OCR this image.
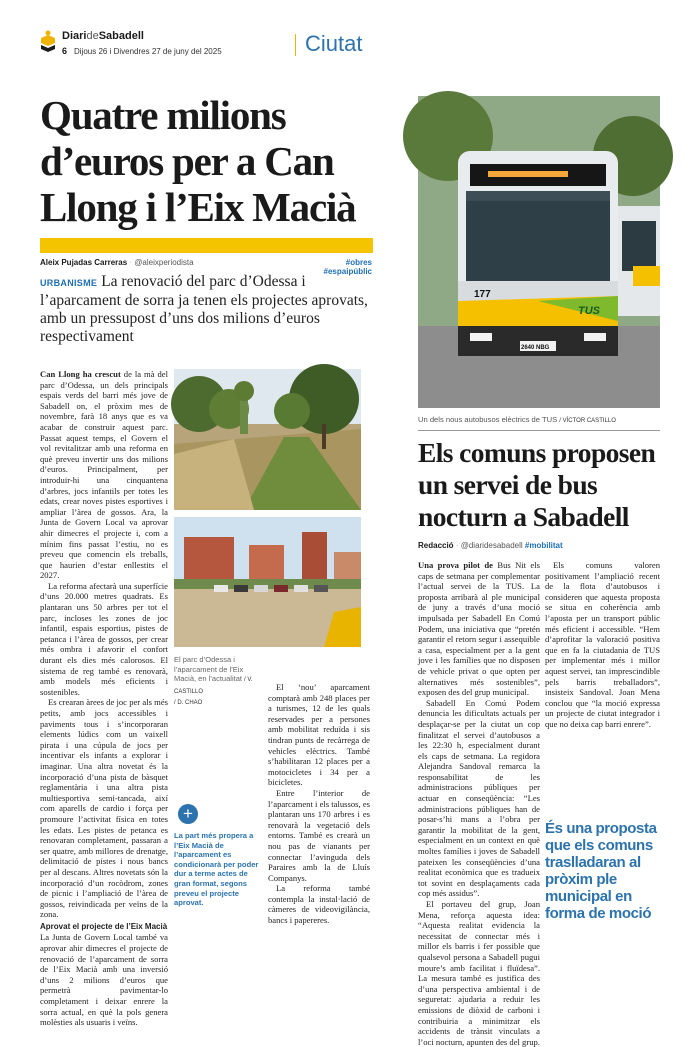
DiarideSabadell
6 Dijous 26 i Divendres 27 de juny del 2025	Ciutat
Quatre milions d’euros per a Can Llong i l’Eix Macià
Aleix Pujadas Carreras · @aleixperiodista	#obres #espaipúblic
URBANISME La renovació del parc d’Odessa i l’aparcament de sorra ja tenen els projectes aprovats, amb un pressupost d’uns dos milions d’euros respectivament

Can Llong ha crescut de la mà del parc d’Odessa, un dels principals espais verds del barri més jove de Sabadell on, el pròxim mes de novembre, farà 18 anys que es va acabar de construir aquest parc. Passat aquest temps, el Govern el vol revitalitzar amb una reforma en què preveu invertir uns dos milions d’euros. Principalment, per introduir-hi una cinquantena d’arbres, jocs infantils per totes les edats, crear noves pistes esportives i ampliar l’àrea de gossos. Ara, la Junta de Govern Local va aprovar ahir dimecres el projecte i, com a mínim fins passat l’estiu, no es preveu que comencin els treballs, que haurien d’estar enllestits el 2027.

La reforma afectarà una superfície d’uns 20.000 metres quadrats. Es plantaran uns 50 arbres per tot el parc, incloses les zones de joc infantil, espais esportius, pistes de petanca i l’àrea de gossos, per crear més ombra i afavorir el confort durant els dies més calorosos. El sistema de reg també es renovarà, amb models més eficients i sostenibles.

Es crearan àrees de joc per als més petits, amb jocs accessibles i paviments tous i s’incorporaran elements lúdics com un vaixell pirata i una cúpula de jocs per incentivar els infants a explorar i imaginar. Una altra novetat és la incorporació d’una pista de bàsquet reglamentària i una altra pista multiesportiva semi-tancada, així com aparells de cardio i força per promoure l’activitat física en totes les edats. Les pistes de petanca es renovaran completament, passaran a ser quatre, amb millores de drenatge, delimitació de pistes i nous bancs per al descans. Altres novetats són la incorporació d’un rocòdrom, zones de picnic i l’ampliació de l’àrea de gossos, reivindicada per veïns de la zona.

Aprovat el projecte de l’Eix Macià

La Junta de Govern Local també va aprovar ahir dimecres el projecte de renovació de l’aparcament de sorra de l’Eix Macià amb una inversió d’uns 2 milions d’euros que permetrà pavimentar-lo completament i deixar enrere la sorra actual, en què la pols genera molèsties als usuaris i veïns.

El parc d’Odessa i l’aparcament de l’Eix Macià, en l’actualitat / V. CASTILLO
/ D. CHAO
+
La part més propera a l’Eix Macià de l’aparcament es condicionarà per poder dur a terme actes de gran format, segons preveu el projecte aprovat.

El ‘nou’ aparcament comptarà amb 248 places per a turismes, 12 de les quals reservades per a persones amb mobilitat reduïda i sis tindran punts de recàrrega de vehicles elèctrics. També s’habilitaran 12 places per a motocicletes i 34 per a bicicletes.

Entre l’interior de l’aparcament i els talussos, es plantaran uns 170 arbres i es renovarà la vegetació dels entorns. També es crearà un nou pas de vianants per connectar l’avinguda dels Paraires amb la de Lluís Companys.

La reforma també contempla la instal·lació de càmeres de videovigilància, bancs i papereres.

177
TUS
2640 NBG
Un dels nous autobusos elèctrics de TUS / VÍCTOR CASTILLO
Els comuns proposen un servei de bus nocturn a Sabadell
Redacció · @diaridesabadell #mobilitat

Una prova pilot de Bus Nit els caps de setmana per complementar l’actual servei de la TUS. La proposta arribarà al ple municipal de juny a través d’una moció impulsada per Sabadell En Comú Podem, una iniciativa que “pretén garantir el retorn segur i assequible a casa, especialment per a la gent jove i les famílies que no disposen de vehicle privat o que opten per alternatives més sostenibles”, exposen des del grup municipal.

Sabadell En Comú Podem denuncia les dificultats actuals per desplaçar-se per la ciutat un cop finalitzat el servei d’autobusos a les 22:30 h, especialment durant els caps de setmana. La regidora Alejandra Sandoval remarca la responsabilitat de les administracions públiques per actuar en conseqüència: “Les administracions públiques han de posar-s’hi mans a l’obra per garantir la mobilitat de la gent, especialment en un context en què moltes famílies i joves de Sabadell pateixen les conseqüències d’una realitat econòmica que es tradueix tot sovint en desplaçaments cada cop més assidus”.

El portaveu del grup, Joan Mena, reforça aquesta idea: “Aquesta realitat evidencia la necessitat de connectar més i millor els barris i fer possible que qualsevol persona a Sabadell pugui moure’s amb facilitat i fluïdesa”. La mesura també es justifica des d’una perspectiva ambiental i de seguretat: ajudaria a reduir les emissions de diòxid de carboni i contribuiria a minimitzar els accidents de trànsit vinculats a l’oci nocturn, apunten des del grup.

Els comuns valoren positivament l’ampliació recent de la flota d’autobusos i consideren que aquesta proposta se situa en coherència amb l’aposta per un transport públic més eficient i accessible. “Hem d’aprofitar la valoració positiva que en fa la ciutadania de TUS per implementar més i millor aquest servei, tan imprescindible pels barris treballadors”, insisteix Sandoval. Joan Mena conclou que “la moció expressa un projecte de ciutat integrador i que no deixa cap barri enrere”.

És una proposta que els comuns traslladaran al pròxim ple municipal en forma de moció
